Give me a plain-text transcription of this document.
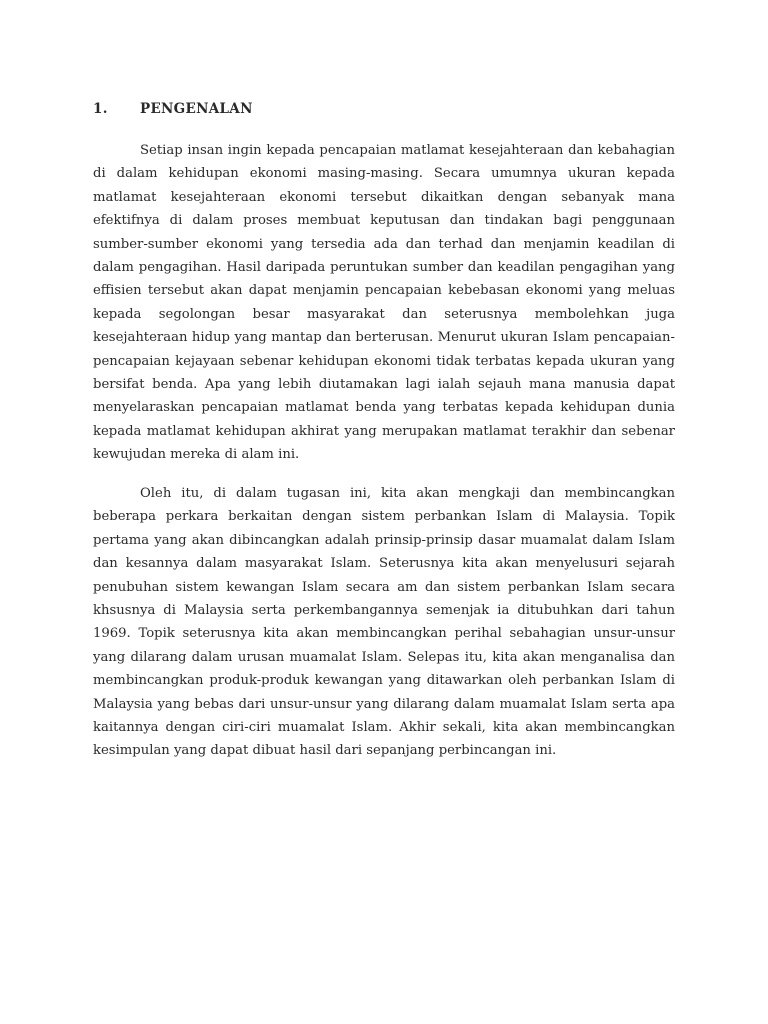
1. PENGENALAN

Setiap insan ingin kepada pencapaian matlamat kesejahteraan dan kebahagian di dalam kehidupan ekonomi masing-masing. Secara umumnya ukuran kepada matlamat kesejahteraan ekonomi tersebut dikaitkan dengan sebanyak mana efektifnya di dalam proses membuat keputusan dan tindakan bagi penggunaan sumber-sumber ekonomi yang tersedia ada dan terhad dan menjamin keadilan di dalam pengagihan. Hasil daripada peruntukan sumber dan keadilan pengagihan yang effisien tersebut akan dapat menjamin pencapaian kebebasan ekonomi yang meluas kepada segolongan besar masyarakat dan seterusnya membolehkan juga kesejahteraan hidup yang mantap dan berterusan. Menurut ukuran Islam pencapaian-pencapaian kejayaan sebenar kehidupan ekonomi tidak terbatas kepada ukuran yang bersifat benda. Apa yang lebih diutamakan lagi ialah sejauh mana manusia dapat menyelaraskan pencapaian matlamat benda yang terbatas kepada kehidupan dunia kepada matlamat kehidupan akhirat yang merupakan matlamat terakhir dan sebenar kewujudan mereka di alam ini.

Oleh itu, di dalam tugasan ini, kita akan mengkaji dan membincangkan beberapa perkara berkaitan dengan sistem perbankan Islam di Malaysia. Topik pertama yang akan dibincangkan adalah prinsip-prinsip dasar muamalat dalam Islam dan kesannya dalam masyarakat Islam. Seterusnya kita akan menyelusuri sejarah penubuhan sistem kewangan Islam secara am dan sistem perbankan Islam secara khsusnya di Malaysia serta perkembangannya semenjak ia ditubuhkan dari tahun 1969. Topik seterusnya kita akan membincangkan perihal sebahagian unsur-unsur yang dilarang dalam urusan muamalat Islam. Selepas itu, kita akan menganalisa dan membincangkan produk-produk kewangan yang ditawarkan oleh perbankan Islam di Malaysia yang bebas dari unsur-unsur yang dilarang dalam muamalat Islam serta apa kaitannya dengan ciri-ciri muamalat Islam. Akhir sekali, kita akan membincangkan kesimpulan yang dapat dibuat hasil dari sepanjang perbincangan ini.
